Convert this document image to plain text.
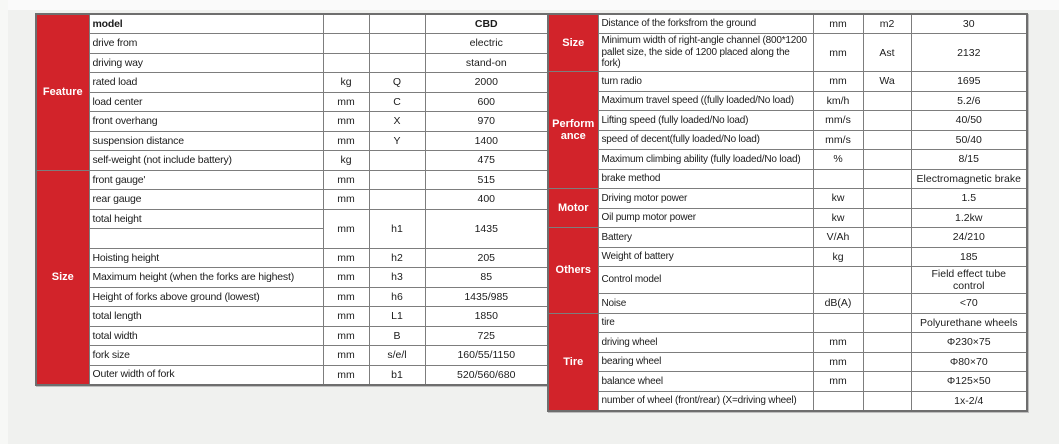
Feature	model			CBD
	drive from			electric
	driving way			stand-on
	rated load	kg	Q	2000
	load center	mm	C	600
	front overhang	mm	X	970
	suspension distance	mm	Y	1400
	self-weight (not include battery)	kg		475
Size	front gauge'	mm		515
	rear gauge	mm		400
	total height	mm	h1	1435

	Hoisting height	mm	h2	205
	Maximum height (when the forks are highest)	mm	h3	85
	Height of forks above ground (lowest)	mm	h6	1435/985
	total length	mm	L1	1850
	total width	mm	B	725
	fork size	mm	s/e/l	160/55/1150
	Outer width of fork	mm	b1	520/560/680
Size	Distance of the forksfrom the ground	mm	m2	30
	Minimum width of right-angle channel (800*1200 pallet size, the side of 1200 placed along the fork)	mm	Ast	2132
Performance	turn radio	mm	Wa	1695
	Maximum travel speed ((fully loaded/No load)	km/h		5.2/6
	Lifting speed (fully loaded/No load)	mm/s		40/50
	speed of decent(fully loaded/No load)	mm/s		50/40
	Maximum climbing ability (fully loaded/No load)	%		8/15
	brake method			Electromagnetic brake
Motor	Driving motor power	kw		1.5
	Oil pump motor power	kw		1.2kw
Others	Battery	V/Ah		24/210
	Weight of battery	kg		185
	Control model			Field effect tube control
	Noise	dB(A)		<70
Tire	tire			Polyurethane wheels
	driving wheel	mm		Φ230×75
	bearing wheel	mm		Φ80×70
	balance wheel	mm		Φ125×50
	number of wheel (front/rear) (X=driving wheel)			1x-2/4
